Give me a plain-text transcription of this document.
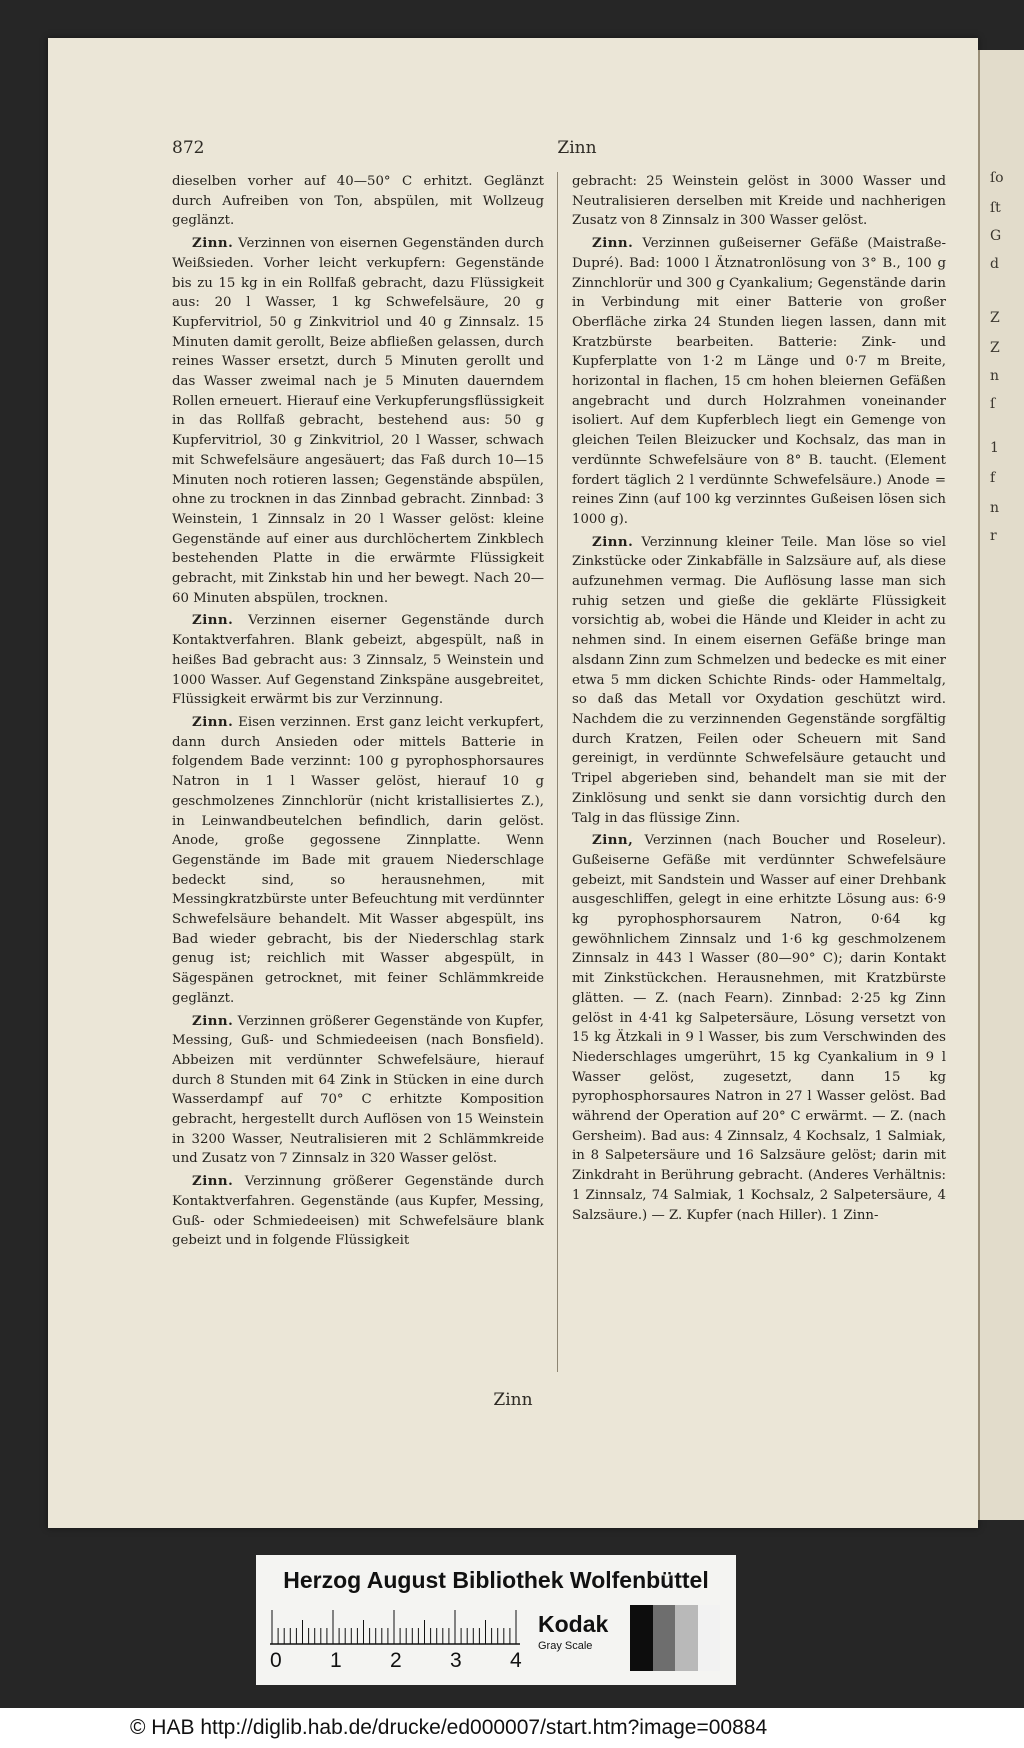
ſo
ſt
G
d
Z
Z
n
ſ
1
f
n
r
872	Zinn

dieselben vorher auf 40—50° C erhitzt. Geglänzt durch Aufreiben von Ton, abspülen, mit Wollzeug geglänzt.

Zinn. Verzinnen von eisernen Gegenständen durch Weißsieden. Vorher leicht verkupfern: Gegenstände bis zu 15 kg in ein Rollfaß gebracht, dazu Flüssigkeit aus: 20 l Wasser, 1 kg Schwefelsäure, 20 g Kupfervitriol, 50 g Zinkvitriol und 40 g Zinnsalz. 15 Minuten damit gerollt, Beize abfließen gelassen, durch reines Wasser ersetzt, durch 5 Minuten gerollt und das Wasser zweimal nach je 5 Minuten dauerndem Rollen erneuert. Hierauf eine Verkupferungsflüssigkeit in das Rollfaß gebracht, bestehend aus: 50 g Kupfervitriol, 30 g Zinkvitriol, 20 l Wasser, schwach mit Schwefelsäure angesäuert; das Faß durch 10—15 Minuten noch rotieren lassen; Gegenstände abspülen, ohne zu trocknen in das Zinnbad gebracht. Zinnbad: 3 Weinstein, 1 Zinnsalz in 20 l Wasser gelöst: kleine Gegenstände auf einer aus durchlöchertem Zinkblech bestehenden Platte in die erwärmte Flüssigkeit gebracht, mit Zinkstab hin und her bewegt. Nach 20—60 Minuten abspülen, trocknen.

Zinn. Verzinnen eiserner Gegenstände durch Kontaktverfahren. Blank gebeizt, abgespült, naß in heißes Bad gebracht aus: 3 Zinnsalz, 5 Weinstein und 1000 Wasser. Auf Gegenstand Zinkspäne ausgebreitet, Flüssigkeit erwärmt bis zur Verzinnung.

Zinn. Eisen verzinnen. Erst ganz leicht verkupfert, dann durch Ansieden oder mittels Batterie in folgendem Bade verzinnt: 100 g pyrophosphorsaures Natron in 1 l Wasser gelöst, hierauf 10 g geschmolzenes Zinnchlorür (nicht kristallisiertes Z.), in Leinwandbeutelchen befindlich, darin gelöst. Anode, große gegossene Zinnplatte. Wenn Gegenstände im Bade mit grauem Niederschlage bedeckt sind, so herausnehmen, mit Messingkratzbürste unter Befeuchtung mit verdünnter Schwefelsäure behandelt. Mit Wasser abgespült, ins Bad wieder gebracht, bis der Niederschlag stark genug ist; reichlich mit Wasser abgespült, in Sägespänen getrocknet, mit feiner Schlämmkreide geglänzt.

Zinn. Verzinnen größerer Gegenstände von Kupfer, Messing, Guß- und Schmiedeeisen (nach Bonsfield). Abbeizen mit verdünnter Schwefelsäure, hierauf durch 8 Stunden mit 64 Zink in Stücken in eine durch Wasserdampf auf 70° C erhitzte Komposition gebracht, hergestellt durch Auflösen von 15 Weinstein in 3200 Wasser, Neutralisieren mit 2 Schlämmkreide und Zusatz von 7 Zinnsalz in 320 Wasser gelöst.

Zinn. Verzinnung größerer Gegenstände durch Kontaktverfahren. Gegenstände (aus Kupfer, Messing, Guß- oder Schmiedeeisen) mit Schwefelsäure blank gebeizt und in folgende Flüssigkeit

gebracht: 25 Weinstein gelöst in 3000 Wasser und Neutralisieren derselben mit Kreide und nachherigen Zusatz von 8 Zinnsalz in 300 Wasser gelöst.

Zinn. Verzinnen gußeiserner Gefäße (Maistraße-Dupré). Bad: 1000 l Ätznatronlösung von 3° B., 100 g Zinnchlorür und 300 g Cyankalium; Gegenstände darin in Verbindung mit einer Batterie von großer Oberfläche zirka 24 Stunden liegen lassen, dann mit Kratzbürste bearbeiten. Batterie: Zink- und Kupferplatte von 1·2 m Länge und 0·7 m Breite, horizontal in flachen, 15 cm hohen bleiernen Gefäßen angebracht und durch Holzrahmen voneinander isoliert. Auf dem Kupferblech liegt ein Gemenge von gleichen Teilen Bleizucker und Kochsalz, das man in verdünnte Schwefelsäure von 8° B. taucht. (Element fordert täglich 2 l verdünnte Schwefelsäure.) Anode = reines Zinn (auf 100 kg verzinntes Gußeisen lösen sich 1000 g).

Zinn. Verzinnung kleiner Teile. Man löse so viel Zinkstücke oder Zinkabfälle in Salzsäure auf, als diese aufzunehmen vermag. Die Auflösung lasse man sich ruhig setzen und gieße die geklärte Flüssigkeit vorsichtig ab, wobei die Hände und Kleider in acht zu nehmen sind. In einem eisernen Gefäße bringe man alsdann Zinn zum Schmelzen und bedecke es mit einer etwa 5 mm dicken Schichte Rinds- oder Hammeltalg, so daß das Metall vor Oxydation geschützt wird. Nachdem die zu verzinnenden Gegenstände sorgfältig durch Kratzen, Feilen oder Scheuern mit Sand gereinigt, in verdünnte Schwefelsäure getaucht und Tripel abgerieben sind, behandelt man sie mit der Zinklösung und senkt sie dann vorsichtig durch den Talg in das flüssige Zinn.

Zinn, Verzinnen (nach Boucher und Roseleur). Gußeiserne Gefäße mit verdünnter Schwefelsäure gebeizt, mit Sandstein und Wasser auf einer Drehbank ausgeschliffen, gelegt in eine erhitzte Lösung aus: 6·9 kg pyrophosphorsaurem Natron, 0·64 kg gewöhnlichem Zinnsalz und 1·6 kg geschmolzenem Zinnsalz in 443 l Wasser (80—90° C); darin Kontakt mit Zinkstückchen. Herausnehmen, mit Kratzbürste glätten. — Z. (nach Fearn). Zinnbad: 2·25 kg Zinn gelöst in 4·41 kg Salpetersäure, Lösung versetzt von 15 kg Ätzkali in 9 l Wasser, bis zum Verschwinden des Niederschlages umgerührt, 15 kg Cyankalium in 9 l Wasser gelöst, zugesetzt, dann 15 kg pyrophosphorsaures Natron in 27 l Wasser gelöst. Bad während der Operation auf 20° C erwärmt. — Z. (nach Gersheim). Bad aus: 4 Zinnsalz, 4 Kochsalz, 1 Salmiak, in 8 Salpetersäure und 16 Salzsäure gelöst; darin mit Zinkdraht in Berührung gebracht. (Anderes Verhältnis: 1 Zinnsalz, 74 Salmiak, 1 Kochsalz, 2 Salpetersäure, 4 Salzsäure.) — Z. Kupfer (nach Hiller). 1 Zinn-

Zinn
Herzog August Bibliothek Wolfenbüttel
0 1 2 3 4
Kodak
Gray Scale
© HAB http://diglib.hab.de/drucke/ed000007/start.htm?image=00884
